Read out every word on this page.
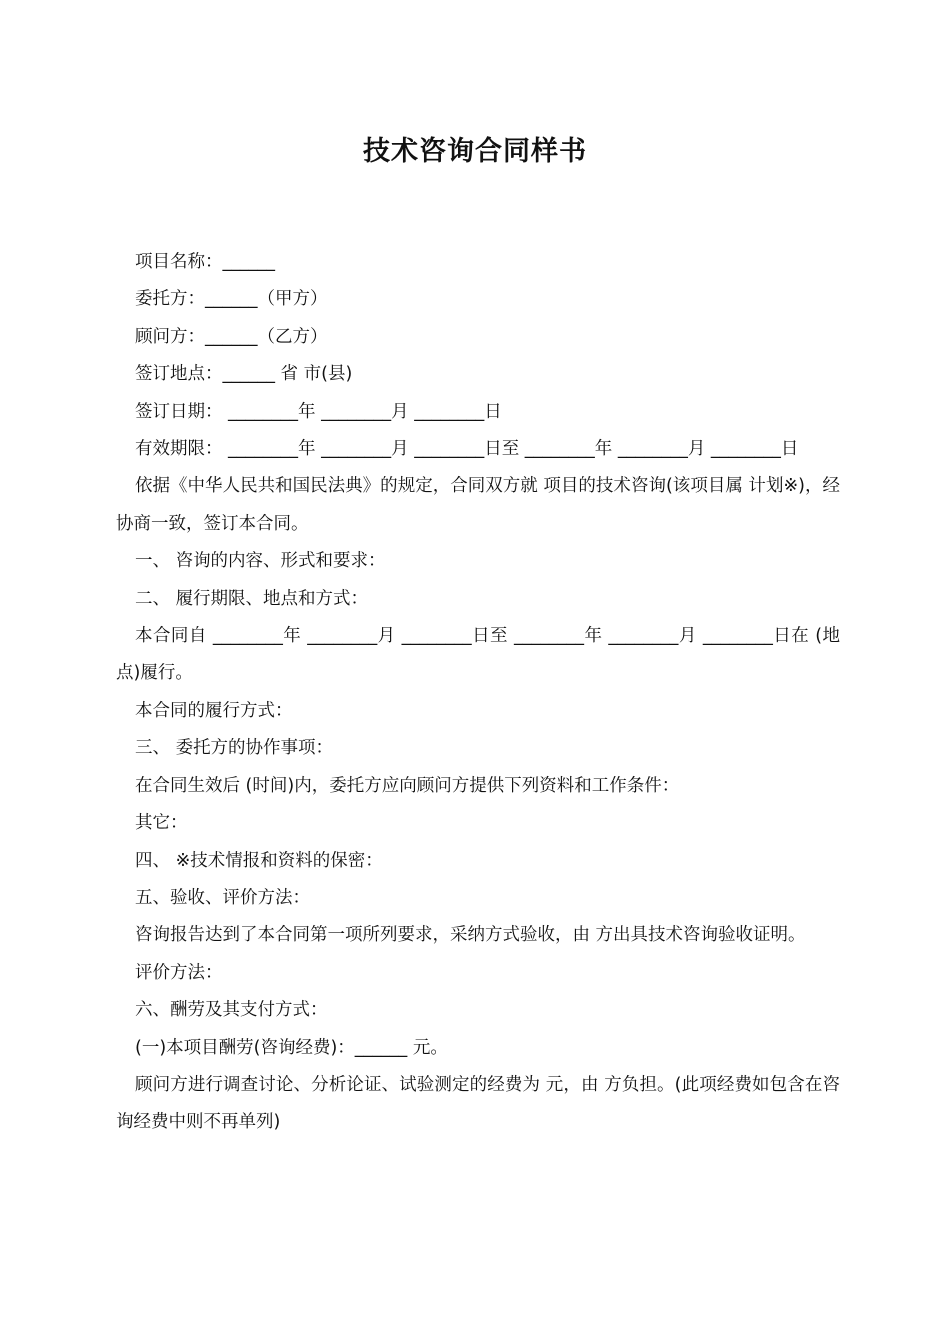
技术咨询合同样书

项目名称：______

委托方：______（甲方）

顾问方：______（乙方）

签订地点：______ 省 市(县)

签订日期： ________年 ________月 ________日

有效期限： ________年 ________月 ________日至 ________年 ________月 ________日

依据《中华人民共和国民法典》的规定，合同双方就 项目的技术咨询(该项目属 计划※)，经协商一致，签订本合同。

一、 咨询的内容、形式和要求：

二、 履行期限、地点和方式：

本合同自 ________年 ________月 ________日至 ________年 ________月 ________日在 (地点)履行。

本合同的履行方式：

三、 委托方的协作事项：

在合同生效后 (时间)内，委托方应向顾问方提供下列资料和工作条件：

其它：

四、 ※技术情报和资料的保密：

五、验收、评价方法：

咨询报告达到了本合同第一项所列要求，采纳方式验收，由 方出具技术咨询验收证明。

评价方法：

六、酬劳及其支付方式：

(一)本项目酬劳(咨询经费)：______ 元。

顾问方进行调查讨论、分析论证、试验测定的经费为 元，由 方负担。(此项经费如包含在咨询经费中则不再单列)
